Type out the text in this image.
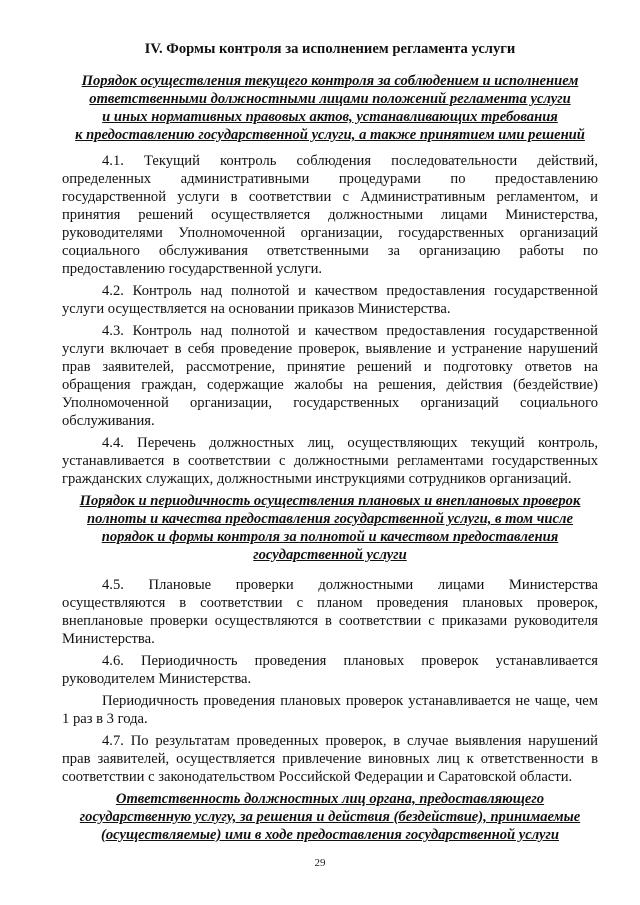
IV. Формы контроля за исполнением регламента услуги
Порядок осуществления текущего контроля за соблюдением и исполнением
ответственными должностными лицами положений регламента услуги
и иных нормативных правовых актов, устанавливающих требования
к предоставлению государственной услуги, а также принятием ими решений

4.1. Текущий контроль соблюдения последовательности действий, определенных административными процедурами по предоставлению государственной услуги в соответствии с Административным регламентом, и принятия решений осуществляется должностными лицами Министерства, руководителями Уполномоченной организации, государственных организаций социального обслуживания ответственными за организацию работы по предоставлению государственной услуги.

4.2. Контроль над полнотой и качеством предоставления государственной услуги осуществляется на основании приказов Министерства.

4.3. Контроль над полнотой и качеством предоставления государственной услуги включает в себя проведение проверок, выявление и устранение нарушений прав заявителей, рассмотрение, принятие решений и подготовку ответов на обращения граждан, содержащие жалобы на решения, действия (бездействие) Уполномоченной организации, государственных организаций социального обслуживания.

4.4. Перечень должностных лиц, осуществляющих текущий контроль, устанавливается в соответствии с должностными регламентами государственных гражданских служащих, должностными инструкциями сотрудников организаций.

Порядок и периодичность осуществления плановых и внеплановых проверок
полноты и качества предоставления государственной услуги, в том числе
порядок и формы контроля за полнотой и качеством предоставления
государственной услуги

4.5. Плановые проверки должностными лицами Министерства осуществляются в соответствии с планом проведения плановых проверок, внеплановые проверки осуществляются в соответствии с приказами руководителя Министерства.

4.6. Периодичность проведения плановых проверок устанавливается руководителем Министерства.

Периодичность проведения плановых проверок устанавливается не чаще, чем 1 раз в 3 года.

4.7. По результатам проведенных проверок, в случае выявления нарушений прав заявителей, осуществляется привлечение виновных лиц к ответственности в соответствии с законодательством Российской Федерации и Саратовской области.

Ответственность должностных лиц органа, предоставляющего
государственную услугу, за решения и действия (бездействие), принимаемые
(осуществляемые) ими в ходе предоставления государственной услуги
29
